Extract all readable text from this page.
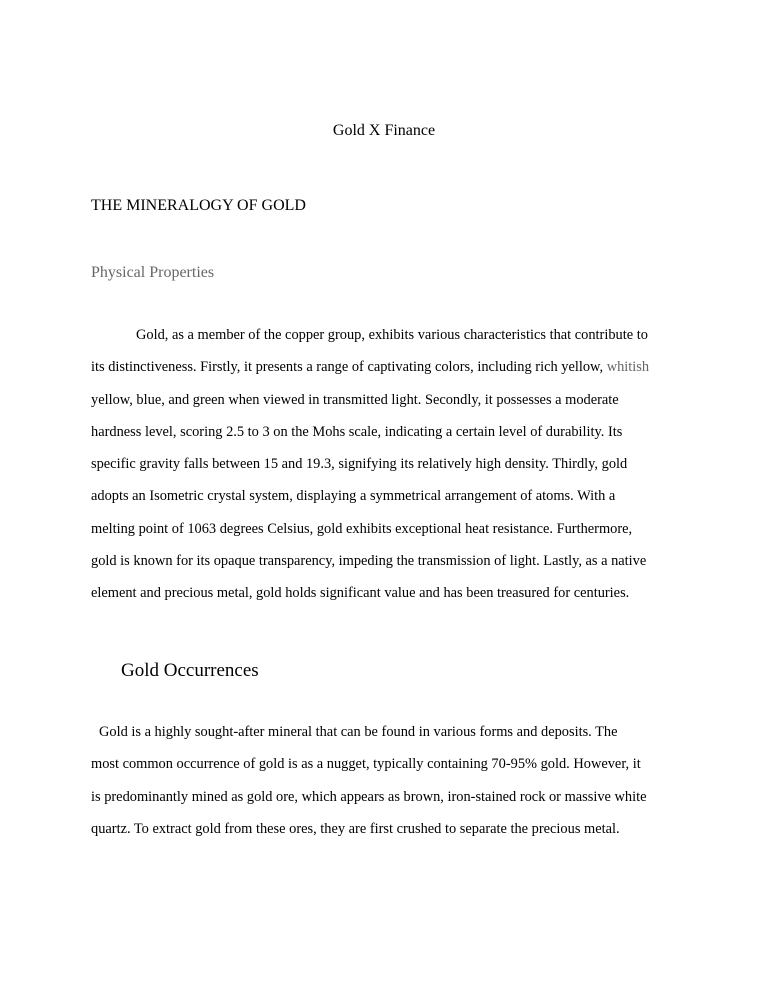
Gold X Finance
THE MINERALOGY OF GOLD
Physical Properties
Gold, as a member of the copper group, exhibits various characteristics that contribute to
its distinctiveness. Firstly, it presents a range of captivating colors, including rich yellow, whitish
yellow, blue, and green when viewed in transmitted light. Secondly, it possesses a moderate
hardness level, scoring 2.5 to 3 on the Mohs scale, indicating a certain level of durability. Its
specific gravity falls between 15 and 19.3, signifying its relatively high density. Thirdly, gold
adopts an Isometric crystal system, displaying a symmetrical arrangement of atoms. With a
melting point of 1063 degrees Celsius, gold exhibits exceptional heat resistance. Furthermore,
gold is known for its opaque transparency, impeding the transmission of light. Lastly, as a native
element and precious metal, gold holds significant value and has been treasured for centuries.
Gold Occurrences
Gold is a highly sought-after mineral that can be found in various forms and deposits. The
most common occurrence of gold is as a nugget, typically containing 70-95% gold. However, it
is predominantly mined as gold ore, which appears as brown, iron-stained rock or massive white
quartz. To extract gold from these ores, they are first crushed to separate the precious metal.
